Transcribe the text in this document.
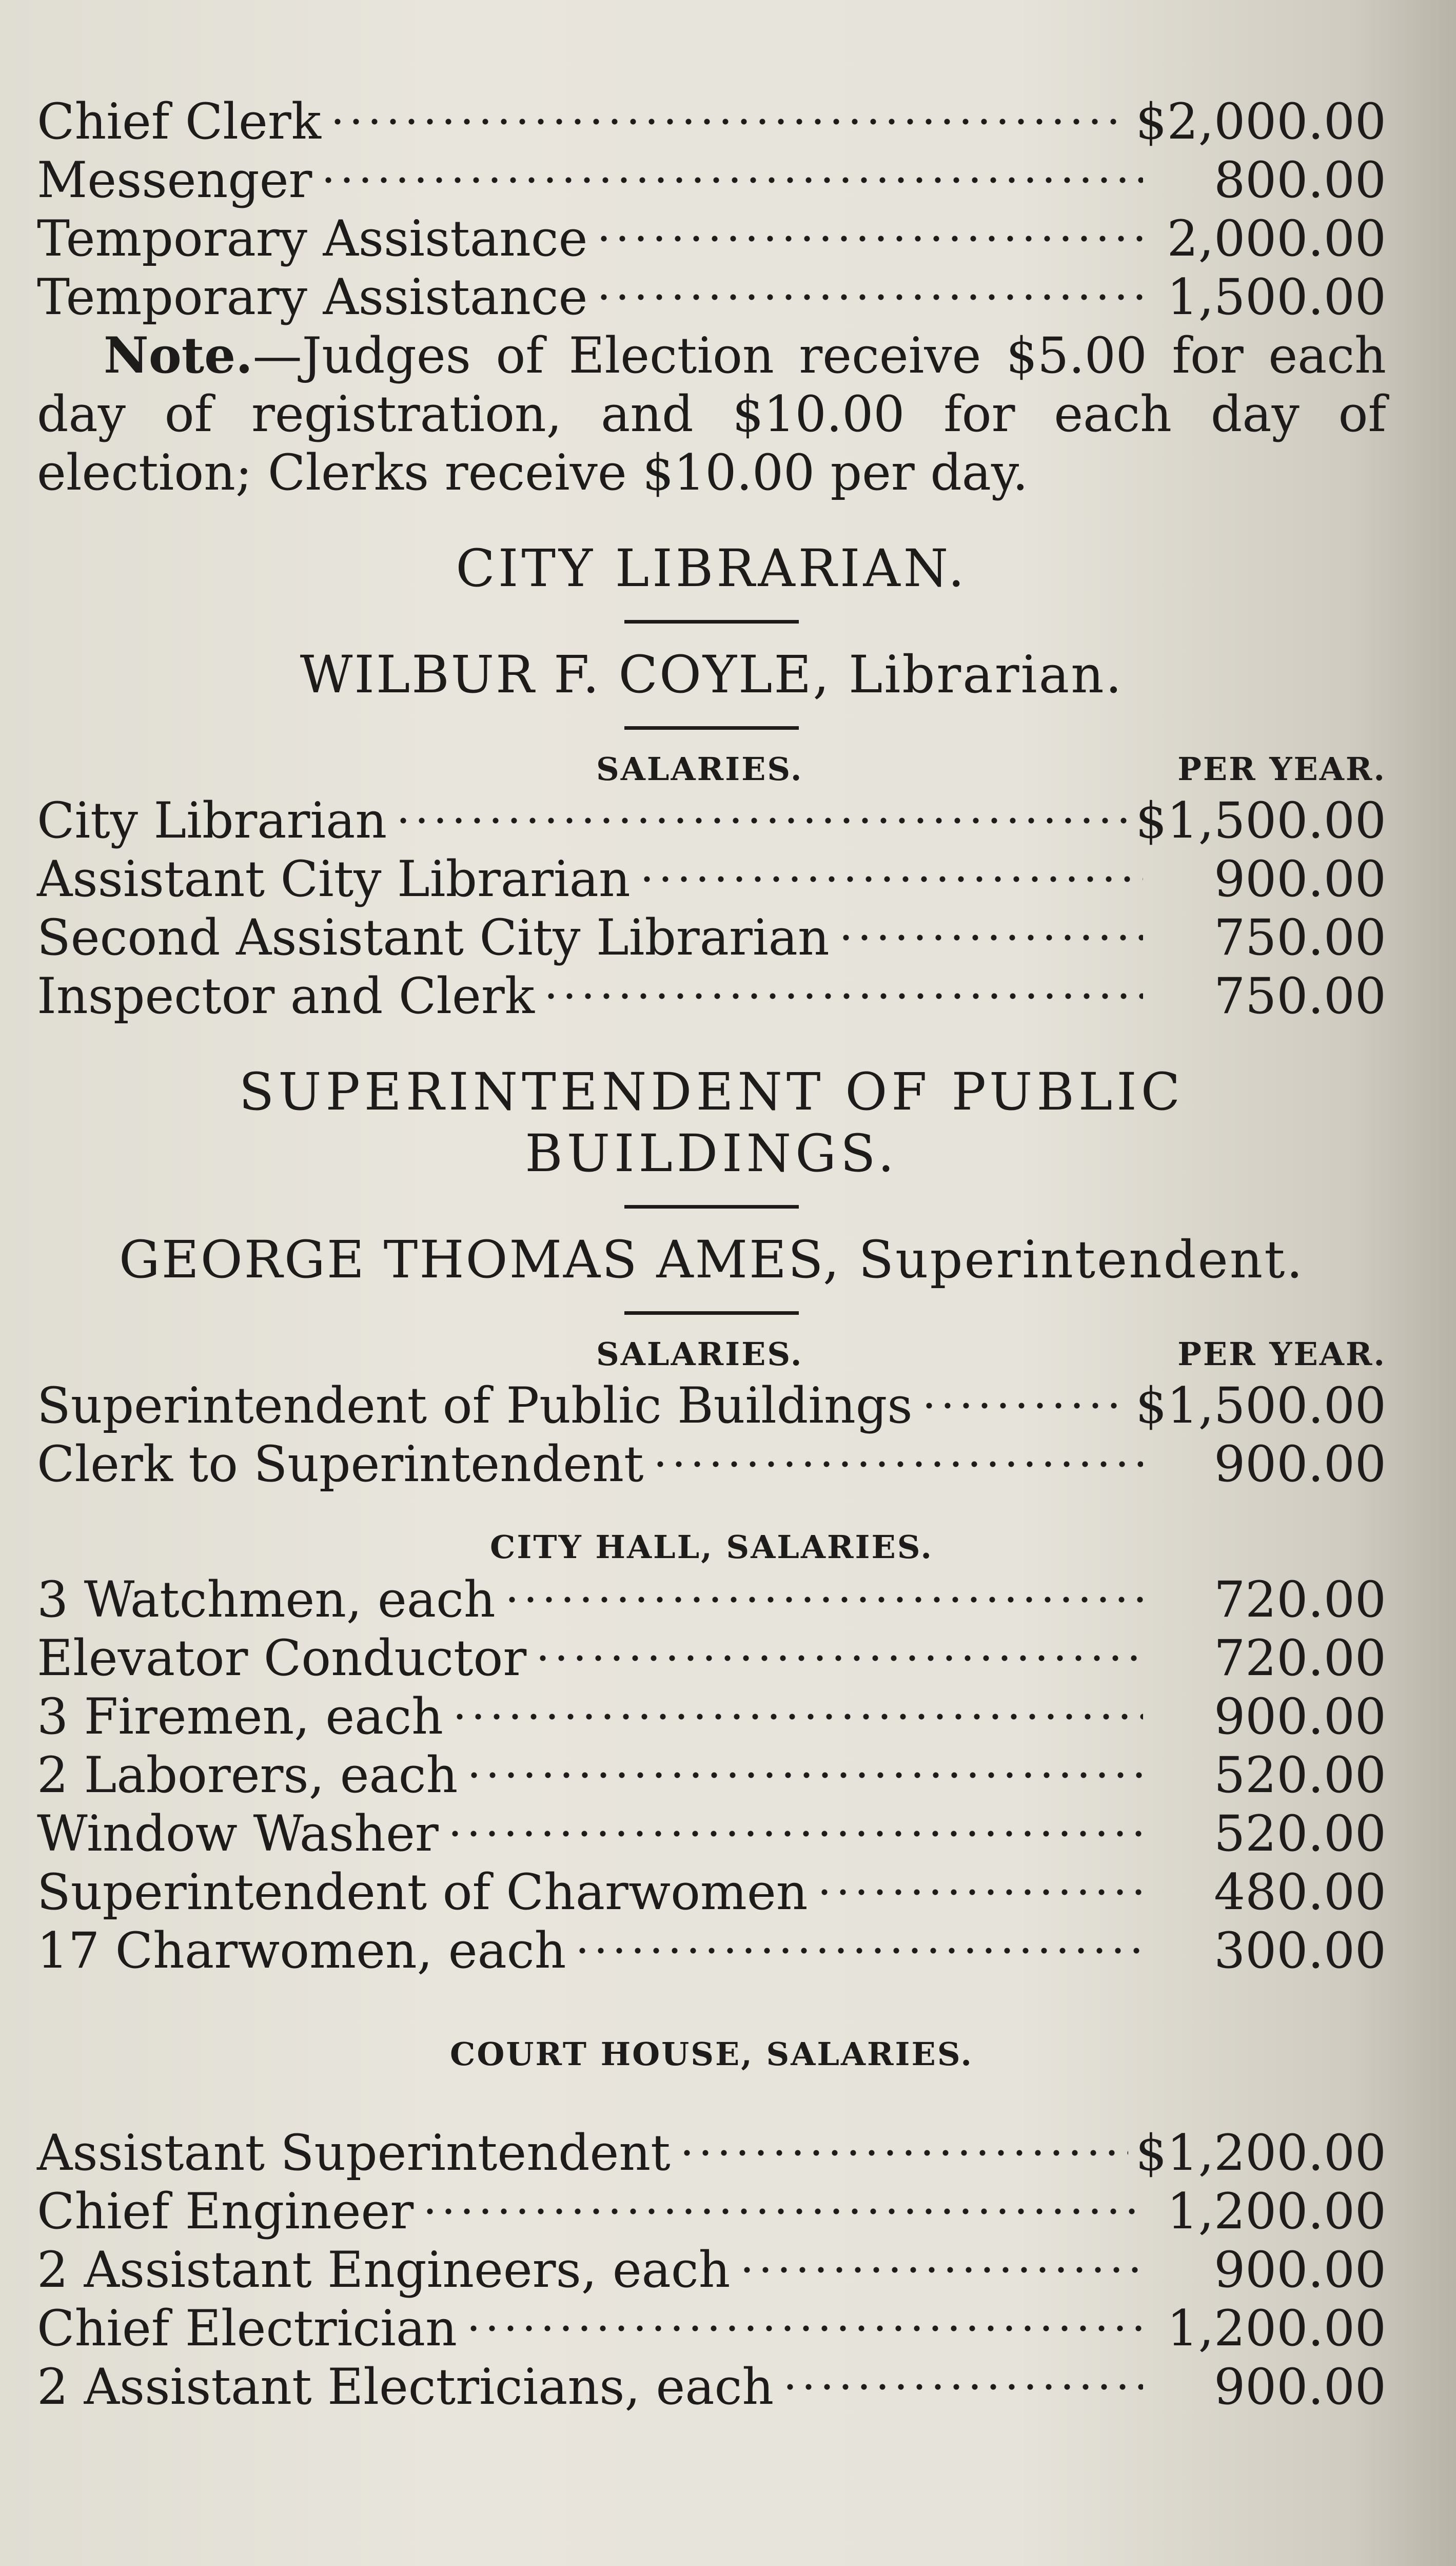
Chief Clerk	$2,000.00
Messenger	800.00
Temporary Assistance	2,000.00
Temporary Assistance	1,500.00
Note.—Judges of Election receive $5.00 for each day of registration, and $10.00 for each day of election; Clerks receive $10.00 per day.
CITY LIBRARIAN.
WILBUR F. COYLE, Librarian.
SALARIES.	PER YEAR.
City Librarian	$1,500.00
Assistant City Librarian	900.00
Second Assistant City Librarian	750.00
Inspector and Clerk	750.00
SUPERINTENDENT OF PUBLIC
BUILDINGS.
GEORGE THOMAS AMES, Superintendent.
SALARIES.	PER YEAR.
Superintendent of Public Buildings	$1,500.00
Clerk to Superintendent	900.00
CITY HALL, SALARIES.
3 Watchmen, each	720.00
Elevator Conductor	720.00
3 Firemen, each	900.00
2 Laborers, each	520.00
Window Washer	520.00
Superintendent of Charwomen	480.00
17 Charwomen, each	300.00
COURT HOUSE, SALARIES.
Assistant Superintendent	$1,200.00
Chief Engineer	1,200.00
2 Assistant Engineers, each	900.00
Chief Electrician	1,200.00
2 Assistant Electricians, each	900.00
